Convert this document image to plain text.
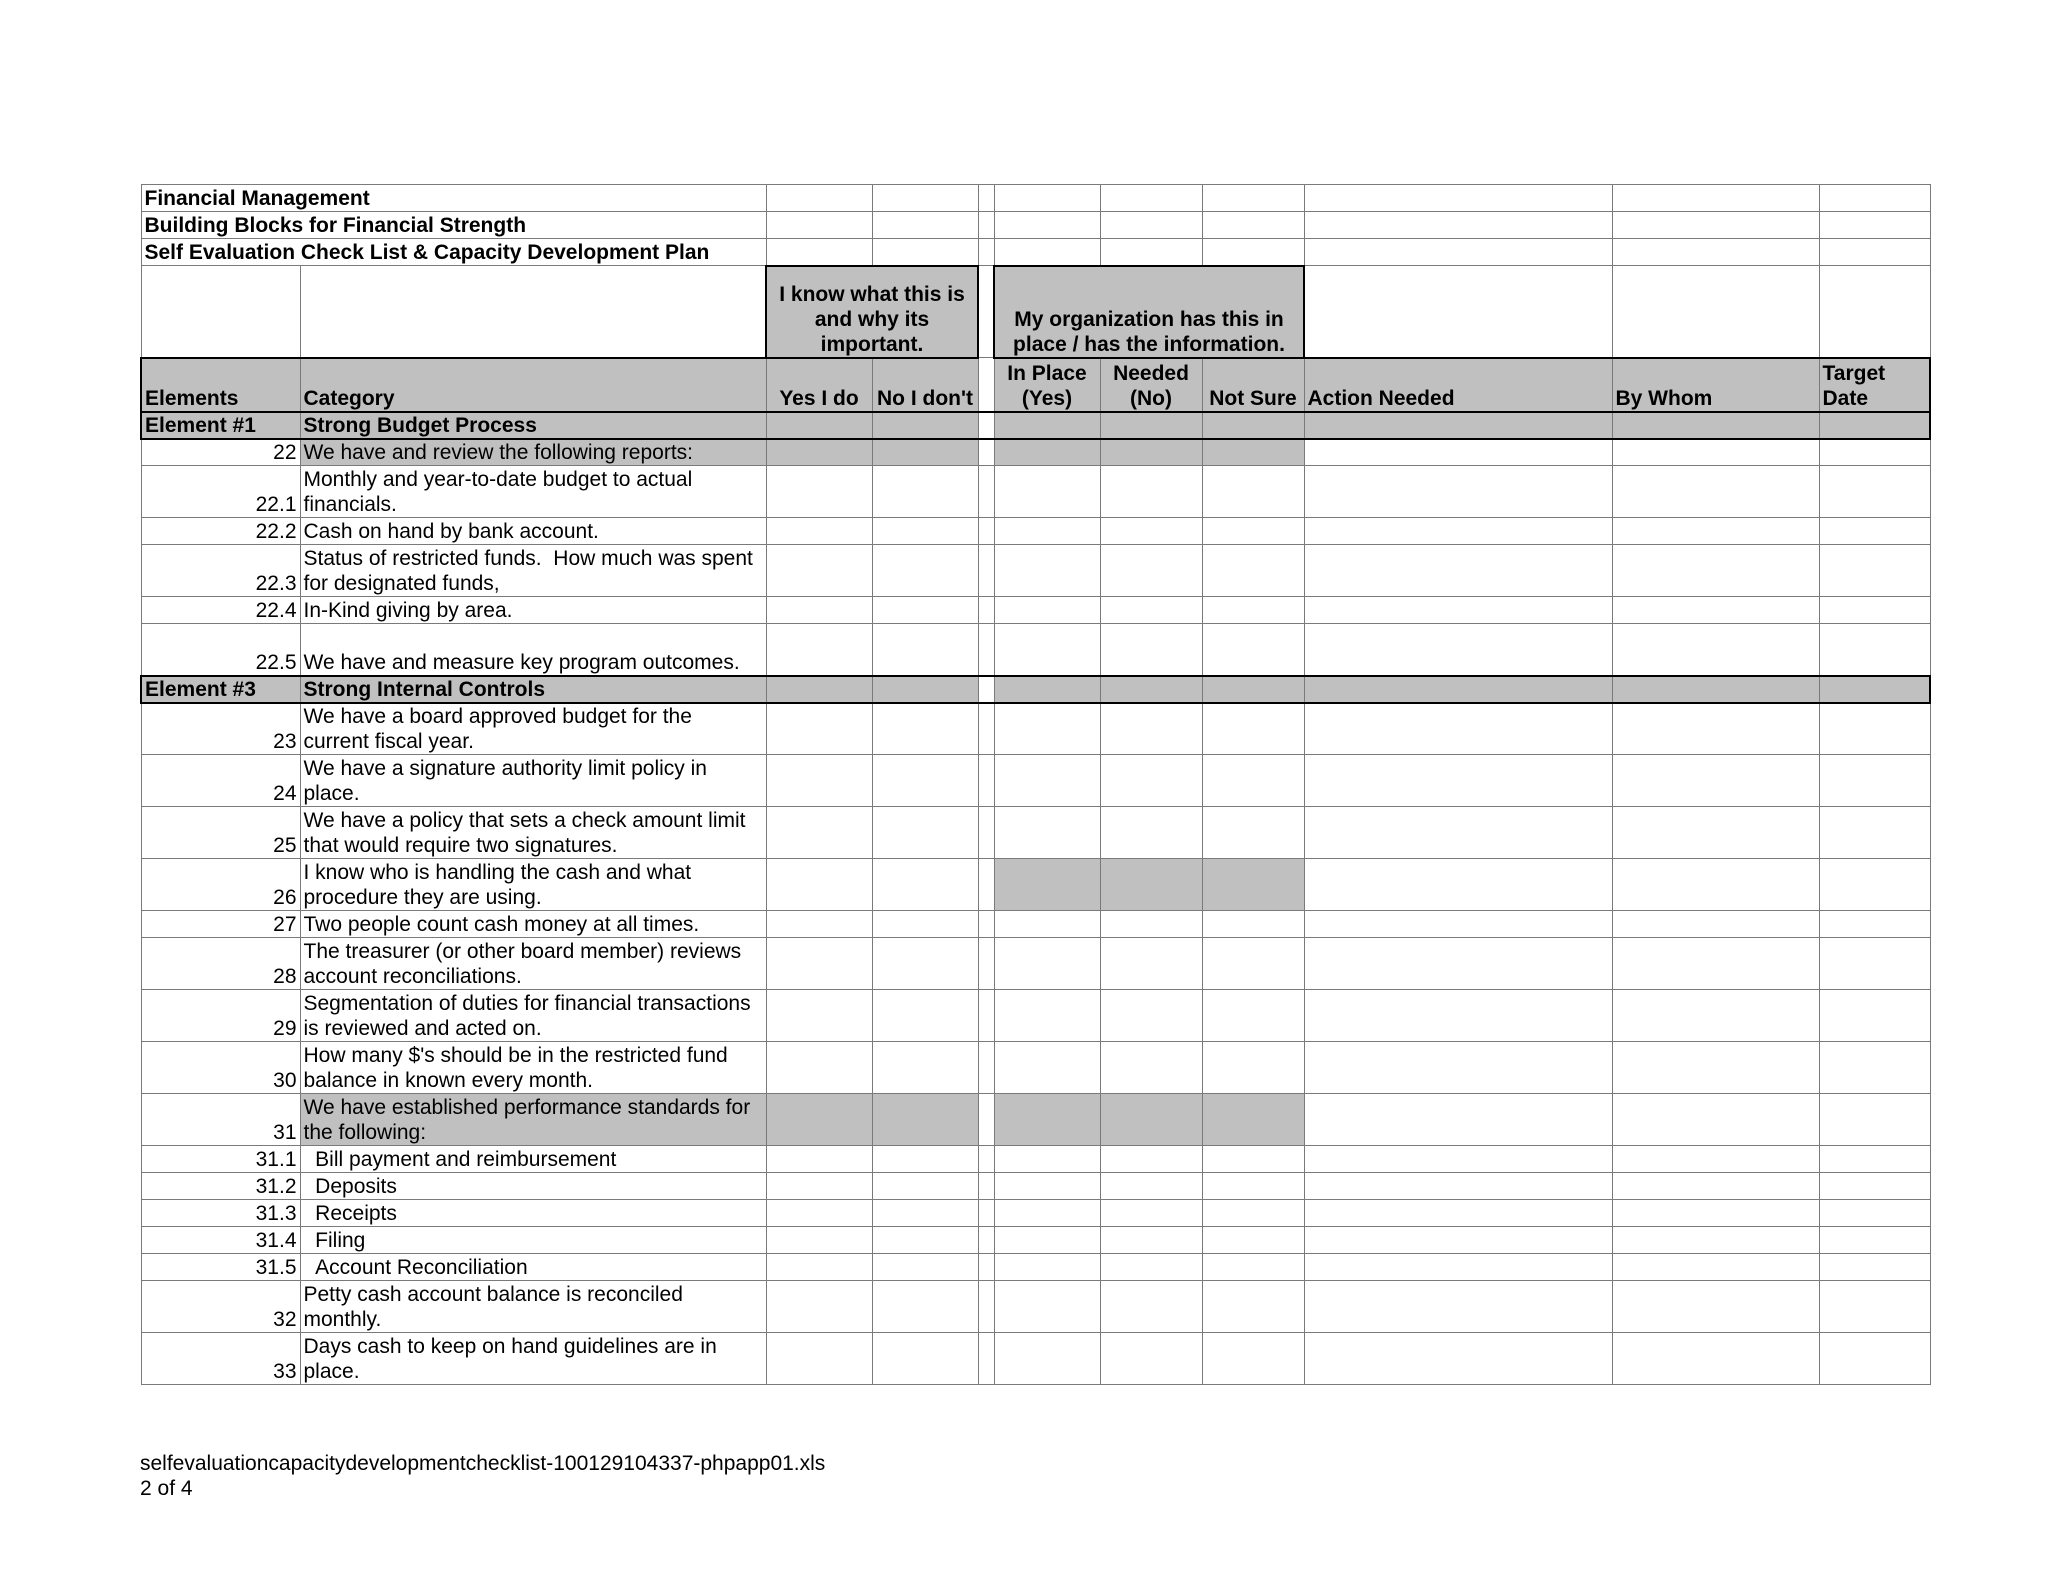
Financial Management										
Building Blocks for Financial Strength										
Self Evaluation Check List & Capacity Development Plan										
		I know what this is and why its important.			My organization has this in place / has the information.					
Elements	Category	Yes I do	No I don't		In Place (Yes)	Needed (No)	Not Sure	Action Needed	By Whom	Target Date
Element #1	Strong Budget Process									
22	We have and review the following reports:									
22.1	Monthly and year-to-date budget to actual financials.									
22.2	Cash on hand by bank account.									
22.3	Status of restricted funds.  How much was spent for designated funds,									
22.4	In-Kind giving by area.									
22.5	We have and measure key program outcomes.									
Element #3	Strong Internal Controls									
23	We have a board approved budget for the current fiscal year.									
24	We have a signature authority limit policy in place.									
25	We have a policy that sets a check amount limit that would require two signatures.									
26	I know who is handling the cash and what procedure they are using.									
27	Two people count cash money at all times.									
28	The treasurer (or other board member) reviews account reconciliations.									
29	Segmentation of duties for financial transactions is reviewed and acted on.									
30	How many $'s should be in the restricted fund balance in known every month.									
31	We have established performance standards for the following:									
31.1	Bill payment and reimbursement									
31.2	Deposits									
31.3	Receipts									
31.4	Filing									
31.5	Account Reconciliation									
32	Petty cash account balance is reconciled monthly.									
33	Days cash to keep on hand guidelines are in place.									
selfevaluationcapacitydevelopmentchecklist-100129104337-phpapp01.xls
2 of 4
